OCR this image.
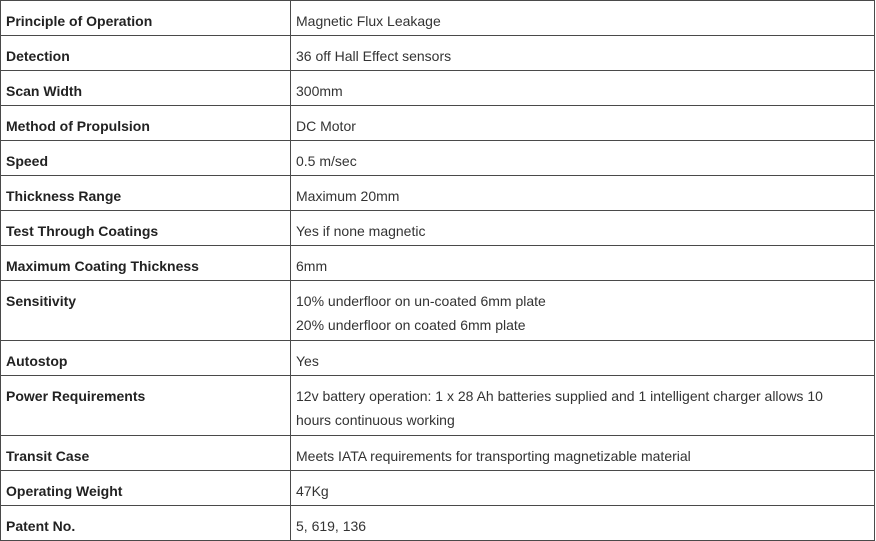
Principle of Operation	Magnetic Flux Leakage
Detection	36 off Hall Effect sensors
Scan Width	300mm
Method of Propulsion	DC Motor
Speed	0.5 m/sec
Thickness Range	Maximum 20mm
Test Through Coatings	Yes if none magnetic
Maximum Coating Thickness	6mm
Sensitivity	10% underfloor on un-coated 6mm plate
20% underfloor on coated 6mm plate
Autostop	Yes
Power Requirements	12v battery operation: 1 x 28 Ah batteries supplied and 1 intelligent charger allows 10
hours continuous working
Transit Case	Meets IATA requirements for transporting magnetizable material
Operating Weight	47Kg
Patent No.	5, 619, 136
